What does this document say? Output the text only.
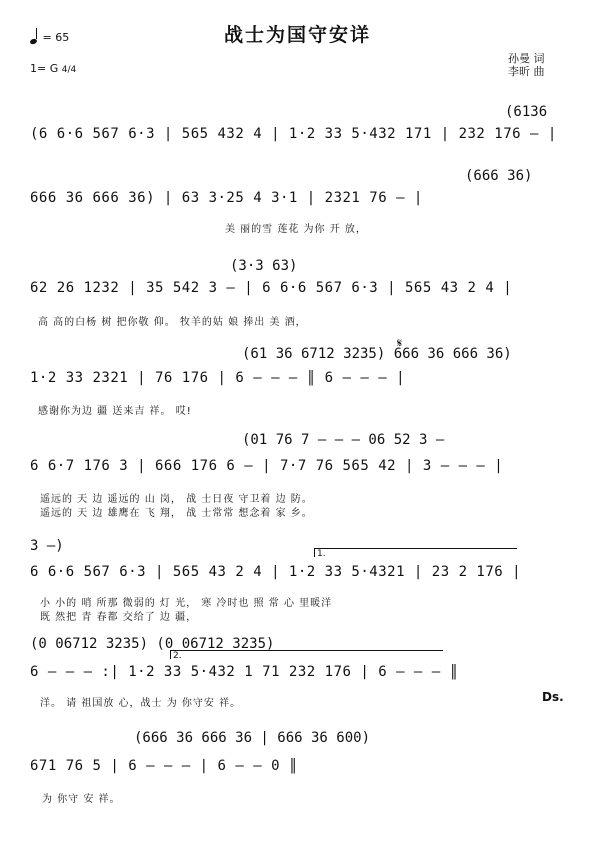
战士为国守安详
= 65
1= G 4/4
孙曼 词
李昕 曲
(6136
(6 6·6 567 6·3 | 565 432 4 | 1·2 33 5·432 171 | 232 176 — |
(666 36)
666 36 666 36) | 63 3·25 4 3·1 | 2321 76 — |
美 丽的雪 莲花 为你 开 放，
(3·3 63)
62 26 1232 | 35 542 3 — | 6 6·6 567 6·3 | 565 43 2 4 |
高 高的白杨 树 把你敬 仰。 牧羊的姑 娘 捧出 美 酒，
𝄋
(61 36 6712 3235) 666 36 666 36)
1·2 33 2321 | 76 176 | 6 — — — ║ 6 — — — |
感谢你为边 疆 送来吉 祥。 哎!
(01 76 7 — — — 06 52 3 —
6 6·7 176 3 | 666 176 6 — | 7·7 76 565 42 | 3 — — — |
遥远的 天 边 遥远的 山 岗， 战 士日夜 守卫着 边 防。
遥远的 天 边 雄鹰在 飞 翔， 战 士常常 想念着 家 乡。
1.
3 —)
6 6·6 567 6·3 | 565 43 2 4 | 1·2 33 5·4321 | 23 2 176 |
小 小的 哨 所那 微弱的 灯 光， 寒 冷时也 照 常 心 里暖洋
既 然把 青 春都 交给了 边 疆，
2.
(0 06712 3235) (0 06712 3235)
6 — — — :| 1·2 33 5·432 1 71 232 176 | 6 — — — ║
洋。 请 祖国放 心，战士 为 你守安 祥。	Ds.
(666 36 666 36 | 666 36 600)
671 76 5 | 6 — — — | 6 — — 0 ║
为 你守 安 祥。
